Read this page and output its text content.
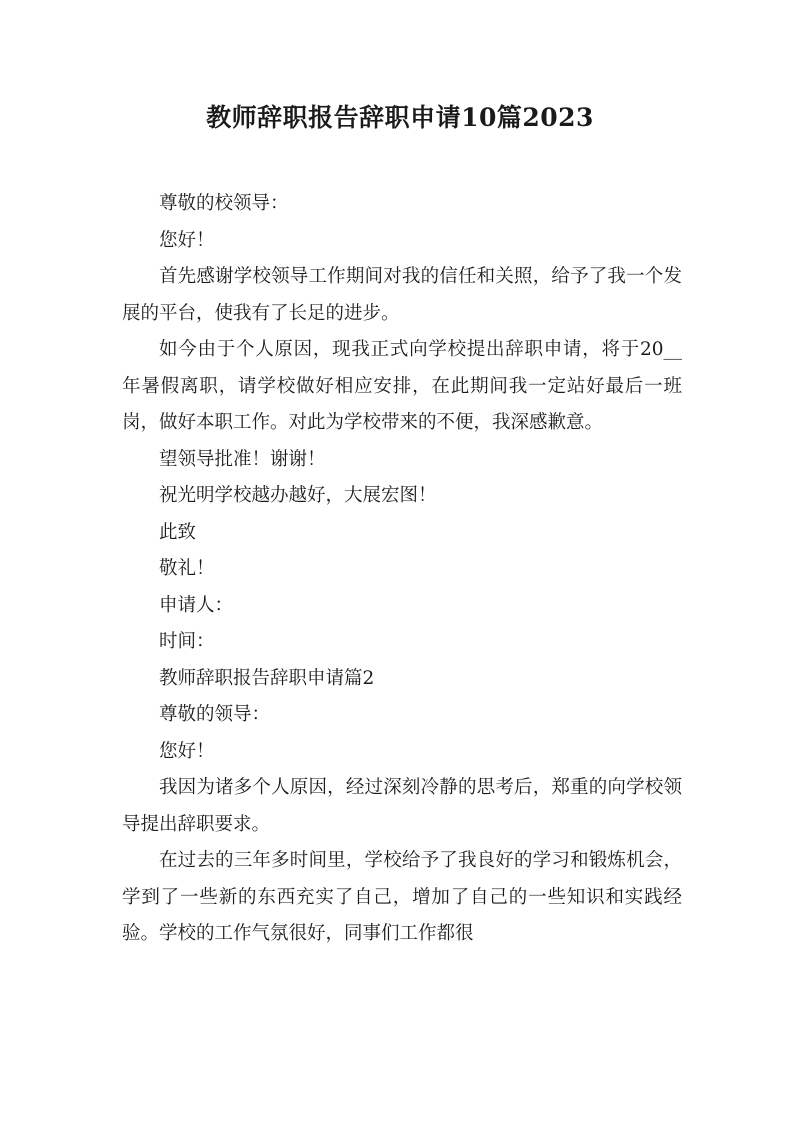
教师辞职报告辞职申请10篇2023

尊敬的校领导：

您好！

首先感谢学校领导工作期间对我的信任和关照，给予了我一个发展的平台，使我有了长足的进步。

如今由于个人原因，现我正式向学校提出辞职申请，将于20__年暑假离职，请学校做好相应安排，在此期间我一定站好最后一班岗，做好本职工作。对此为学校带来的不便，我深感歉意。

望领导批准！谢谢！

祝光明学校越办越好，大展宏图！

此致

敬礼！

申请人：

时间：

教师辞职报告辞职申请篇2

尊敬的领导：

您好！

我因为诸多个人原因，经过深刻冷静的思考后，郑重的向学校领导提出辞职要求。

在过去的三年多时间里，学校给予了我良好的学习和锻炼机会，学到了一些新的东西充实了自己，增加了自己的一些知识和实践经验。学校的工作气氛很好，同事们工作都很
